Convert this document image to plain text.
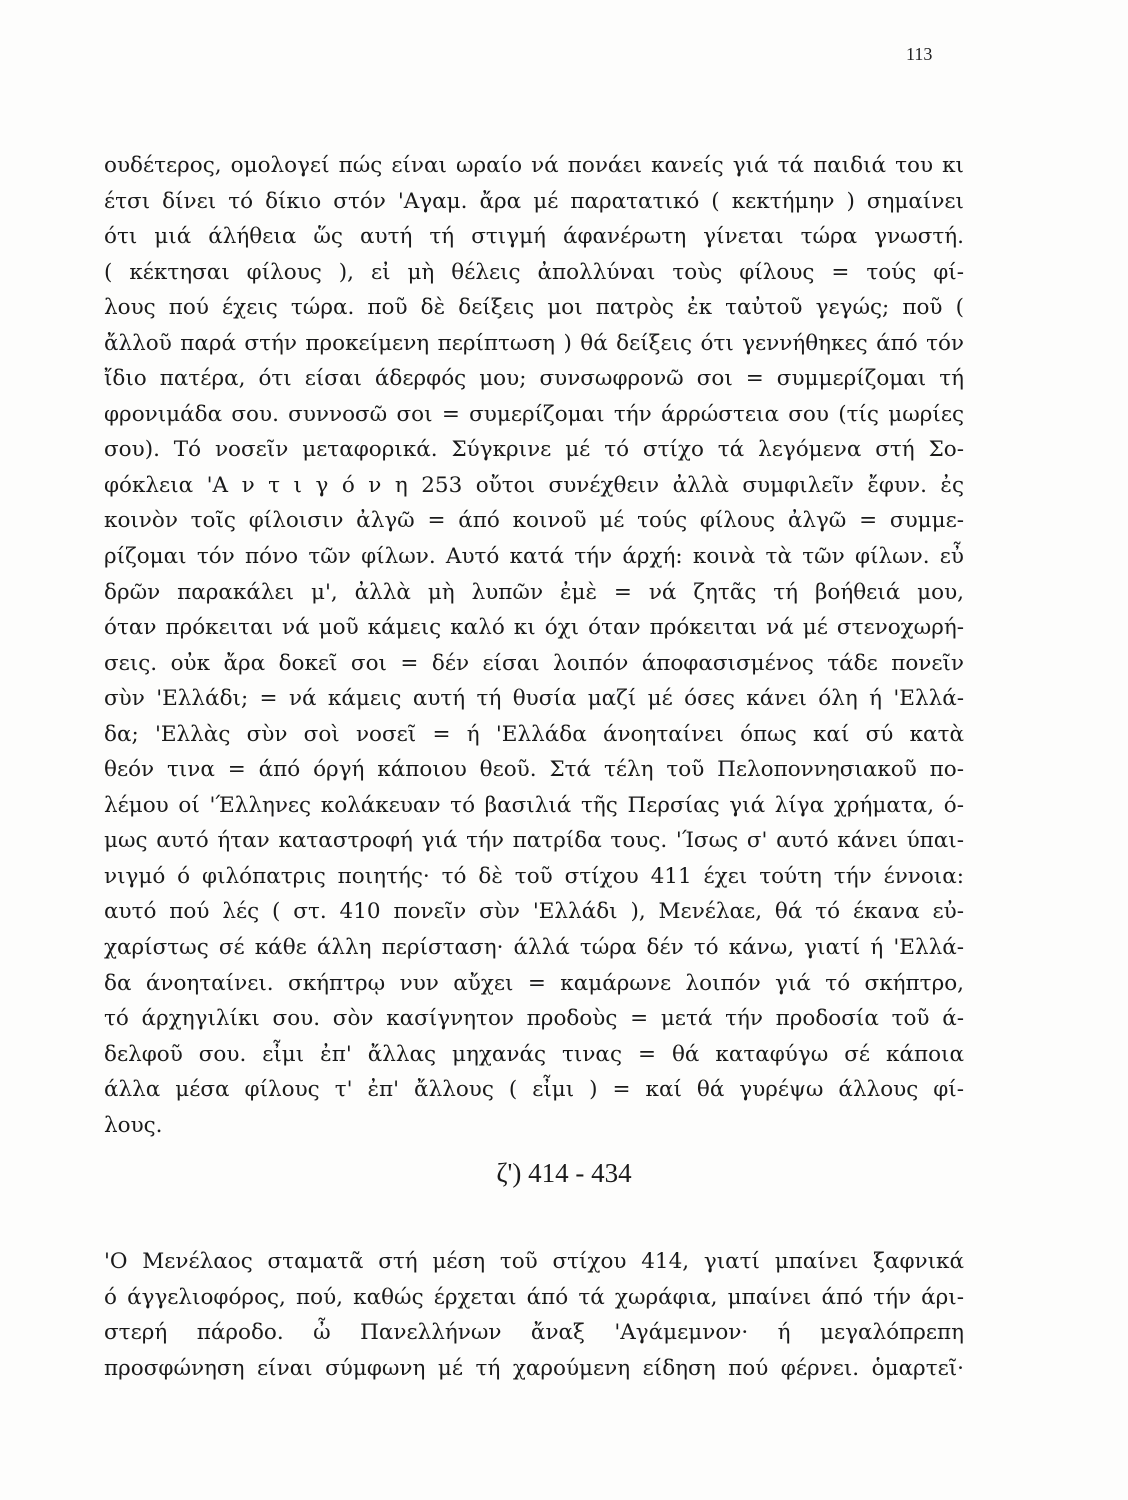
113
ουδέτερος, ομολογεί πώς είναι ωραίο νά πονάει κανείς γιά τά παιδιά του κι
έτσι δίνει τό δίκιο στόν 'Αγαμ. ἄρα μέ παρατατικό ( κεκτήμην ) σημαίνει
ότι μιά άλήθεια ὥς αυτή τή στιγμή άφανέρωτη γίνεται τώρα γνωστή.
( κέκτησαι φίλους ), εἰ μὴ θέλεις ἀπολλύναι τοὺς φίλους = τούς φί-
λους πού έχεις τώρα. ποῦ δὲ δείξεις μοι πατρὸς ἐκ ταὐτοῦ γεγώς; ποῦ (
ἄλλοῦ παρά στήν προκείμενη περίπτωση ) θά δείξεις ότι γεννήθηκες άπό τόν
ἴδιο πατέρα, ότι είσαι άδερφός μου; συνσωφρονῶ σοι = συμμερίζομαι τή
φρονιμάδα σου. συννοσῶ σοι = συμερίζομαι τήν άρρώστεια σου (τίς μωρίες
σου). Τό νοσεῖν μεταφορικά. Σύγκρινε μέ τό στίχο τά λεγόμενα στή Σο-
φόκλεια 'Α ν τ ι γ ό ν η 253 οὔτοι συνέχθειν ἀλλὰ συμφιλεῖν ἔφυν. ἐς
κοινὸν τοῖς φίλοισιν ἀλγῶ = άπό κοινοῦ μέ τούς φίλους ἀλγῶ = συμμε-
ρίζομαι τόν πόνο τῶν φίλων. Αυτό κατά τήν άρχή: κοινὰ τὰ τῶν φίλων. εὖ
δρῶν παρακάλει μ', ἀλλὰ μὴ λυπῶν ἐμὲ = νά ζητᾶς τή βοήθειά μου,
όταν πρόκειται νά μοῦ κάμεις καλό κι όχι όταν πρόκειται νά μέ στενοχωρή-
σεις. οὐκ ἄρα δοκεῖ σοι = δέν είσαι λοιπόν άποφασισμένος τάδε πονεῖν
σὺν 'Ελλάδι; = νά κάμεις αυτή τή θυσία μαζί μέ όσες κάνει όλη ή 'Ελλά-
δα; 'Ελλὰς σὺν σοὶ νοσεῖ = ή 'Ελλάδα άνοηταίνει όπως καί σύ κατὰ
θεόν τινα = άπό όργή κάποιου θεοῦ. Στά τέλη τοῦ Πελοποννησιακοῦ πο-
λέμου οί 'Έλληνες κολάκευαν τό βασιλιά τῆς Περσίας γιά λίγα χρήματα, ό-
μως αυτό ήταν καταστροφή γιά τήν πατρίδα τους. 'Ίσως σ' αυτό κάνει ύπαι-
νιγμό ό φιλόπατρις ποιητής· τό δὲ τοῦ στίχου 411 έχει τούτη τήν έννοια:
αυτό πού λές ( στ. 410 πονεῖν σὺν 'Ελλάδι ), Μενέλαε, θά τό έκανα εὐ-
χαρίστως σέ κάθε άλλη περίσταση· άλλά τώρα δέν τό κάνω, γιατί ή 'Ελλά-
δα άνοηταίνει. σκήπτρῳ νυν αὔχει = καμάρωνε λοιπόν γιά τό σκήπτρο,
τό άρχηγιλίκι σου. σὸν κασίγνητον προδοὺς = μετά τήν προδοσία τοῦ ά-
δελφοῦ σου. εἶμι ἐπ' ἄλλας μηχανάς τινας = θά καταφύγω σέ κάποια
άλλα μέσα φίλους τ' ἐπ' ἄλλους ( εἶμι ) = καί θά γυρέψω άλλους φί-
λους.
ζ') 414 - 434
'Ο Μενέλαος σταματᾶ στή μέση τοῦ στίχου 414, γιατί μπαίνει ξαφνικά
ό άγγελιοφόρος, πού, καθώς έρχεται άπό τά χωράφια, μπαίνει άπό τήν άρι-
στερή πάροδο. ὦ Πανελλήνων ἄναξ 'Αγάμεμνον· ή μεγαλόπρεπη
προσφώνηση είναι σύμφωνη μέ τή χαρούμενη είδηση πού φέρνει. ὁμαρτεῖ·
